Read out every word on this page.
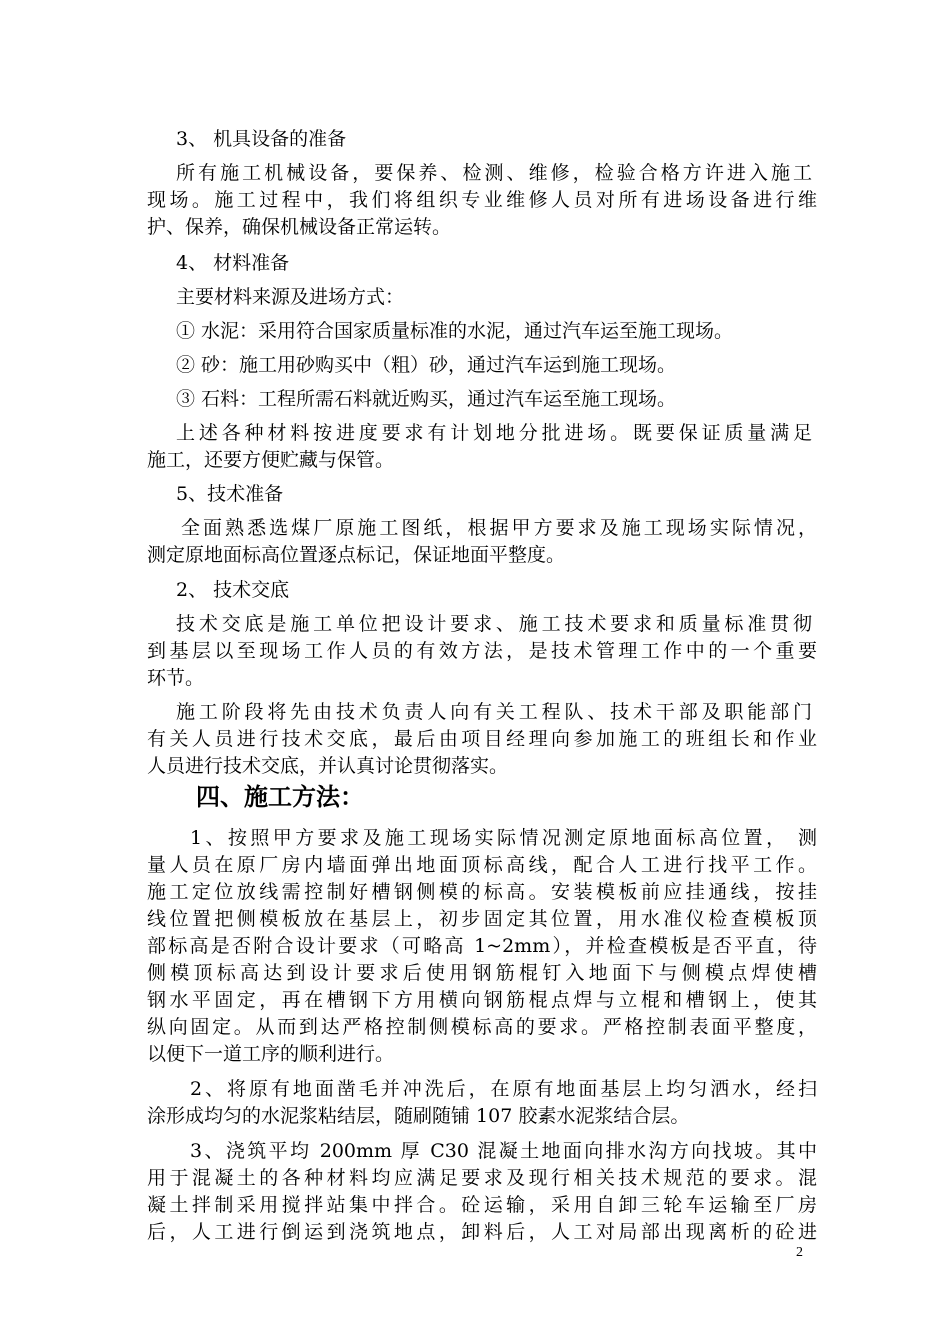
3、 机具设备的准备
所有施工机械设备，要保养、检测、维修，检验合格方许进入施工
现场。施工过程中，我们将组织专业维修人员对所有进场设备进行维
护、保养，确保机械设备正常运转。
4、 材料准备
主要材料来源及进场方式：
① 水泥：采用符合国家质量标准的水泥，通过汽车运至施工现场。
② 砂：施工用砂购买中（粗）砂，通过汽车运到施工现场。
③ 石料：工程所需石料就近购买，通过汽车运至施工现场。
上述各种材料按进度要求有计划地分批进场。既要保证质量满足
施工，还要方便贮藏与保管。
5、技术准备
全面熟悉选煤厂原施工图纸，根据甲方要求及施工现场实际情况，
测定原地面标高位置逐点标记，保证地面平整度。
2、 技术交底
技术交底是施工单位把设计要求、施工技术要求和质量标准贯彻
到基层以至现场工作人员的有效方法，是技术管理工作中的一个重要
环节。
施工阶段将先由技术负责人向有关工程队、技术干部及职能部门
有关人员进行技术交底，最后由项目经理向参加施工的班组长和作业
人员进行技术交底，并认真讨论贯彻落实。
四、施工方法：
1、按照甲方要求及施工现场实际情况测定原地面标高位置， 测
量人员在原厂房内墙面弹出地面顶标高线，配合人工进行找平工作。
施工定位放线需控制好槽钢侧模的标高。安装模板前应挂通线，按挂
线位置把侧模板放在基层上，初步固定其位置，用水准仪检查模板顶
部标高是否附合设计要求（可略高 1~2mm），并检查模板是否平直，待
侧模顶标高达到设计要求后使用钢筋棍钉入地面下与侧模点焊使槽
钢水平固定，再在槽钢下方用横向钢筋棍点焊与立棍和槽钢上，使其
纵向固定。从而到达严格控制侧模标高的要求。严格控制表面平整度，
以便下一道工序的顺利进行。
2、将原有地面凿毛并冲洗后，在原有地面基层上均匀洒水，经扫
涂形成均匀的水泥浆粘结层，随刷随铺 107 胶素水泥浆结合层。
3、浇筑平均 200mm 厚 C30 混凝土地面向排水沟方向找坡。其中
用于混凝土的各种材料均应满足要求及现行相关技术规范的要求。混
凝土拌制采用搅拌站集中拌合。砼运输，采用自卸三轮车运输至厂房
后，人工进行倒运到浇筑地点，卸料后，人工对局部出现离析的砼进
2
